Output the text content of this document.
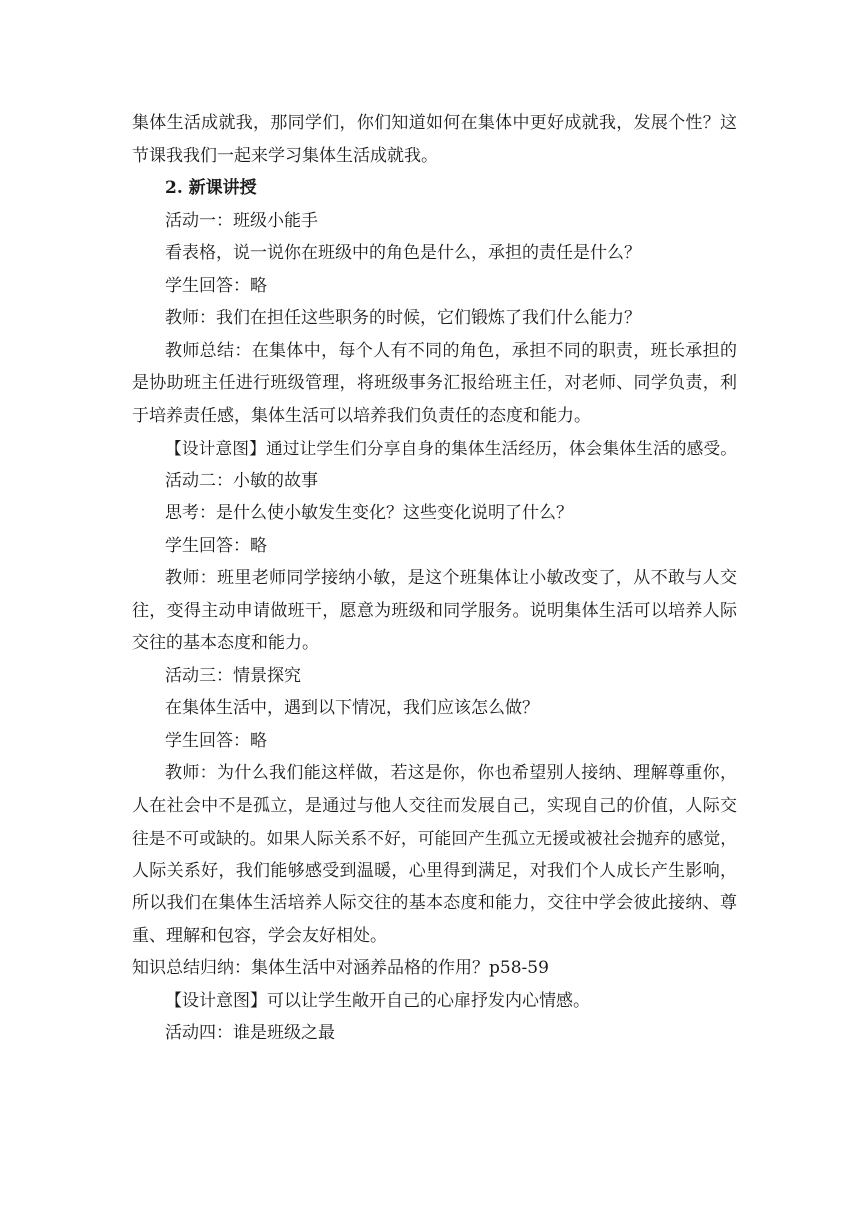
集体生活成就我，那同学们，你们知道如何在集体中更好成就我，发展个性？这
节课我我们一起来学习集体生活成就我。
2. 新课讲授
活动一：班级小能手
看表格，说一说你在班级中的角色是什么，承担的责任是什么？
学生回答：略
教师：我们在担任这些职务的时候，它们锻炼了我们什么能力？
教师总结：在集体中，每个人有不同的角色，承担不同的职责，班长承担的
是协助班主任进行班级管理，将班级事务汇报给班主任，对老师、同学负责，利
于培养责任感，集体生活可以培养我们负责任的态度和能力。
【设计意图】通过让学生们分享自身的集体生活经历，体会集体生活的感受。
活动二：小敏的故事
思考：是什么使小敏发生变化？这些变化说明了什么？
学生回答：略
教师：班里老师同学接纳小敏，是这个班集体让小敏改变了，从不敢与人交
往，变得主动申请做班干，愿意为班级和同学服务。说明集体生活可以培养人际
交往的基本态度和能力。
活动三：情景探究
在集体生活中，遇到以下情况，我们应该怎么做？
学生回答：略
教师：为什么我们能这样做，若这是你，你也希望别人接纳、理解尊重你，
人在社会中不是孤立，是通过与他人交往而发展自己，实现自己的价值，人际交
往是不可或缺的。如果人际关系不好，可能回产生孤立无援或被社会抛弃的感觉，
人际关系好，我们能够感受到温暖，心里得到满足，对我们个人成长产生影响，
所以我们在集体生活培养人际交往的基本态度和能力，交往中学会彼此接纳、尊
重、理解和包容，学会友好相处。
知识总结归纳：集体生活中对涵养品格的作用？p58-59
【设计意图】可以让学生敞开自己的心扉抒发内心情感。
活动四：谁是班级之最
